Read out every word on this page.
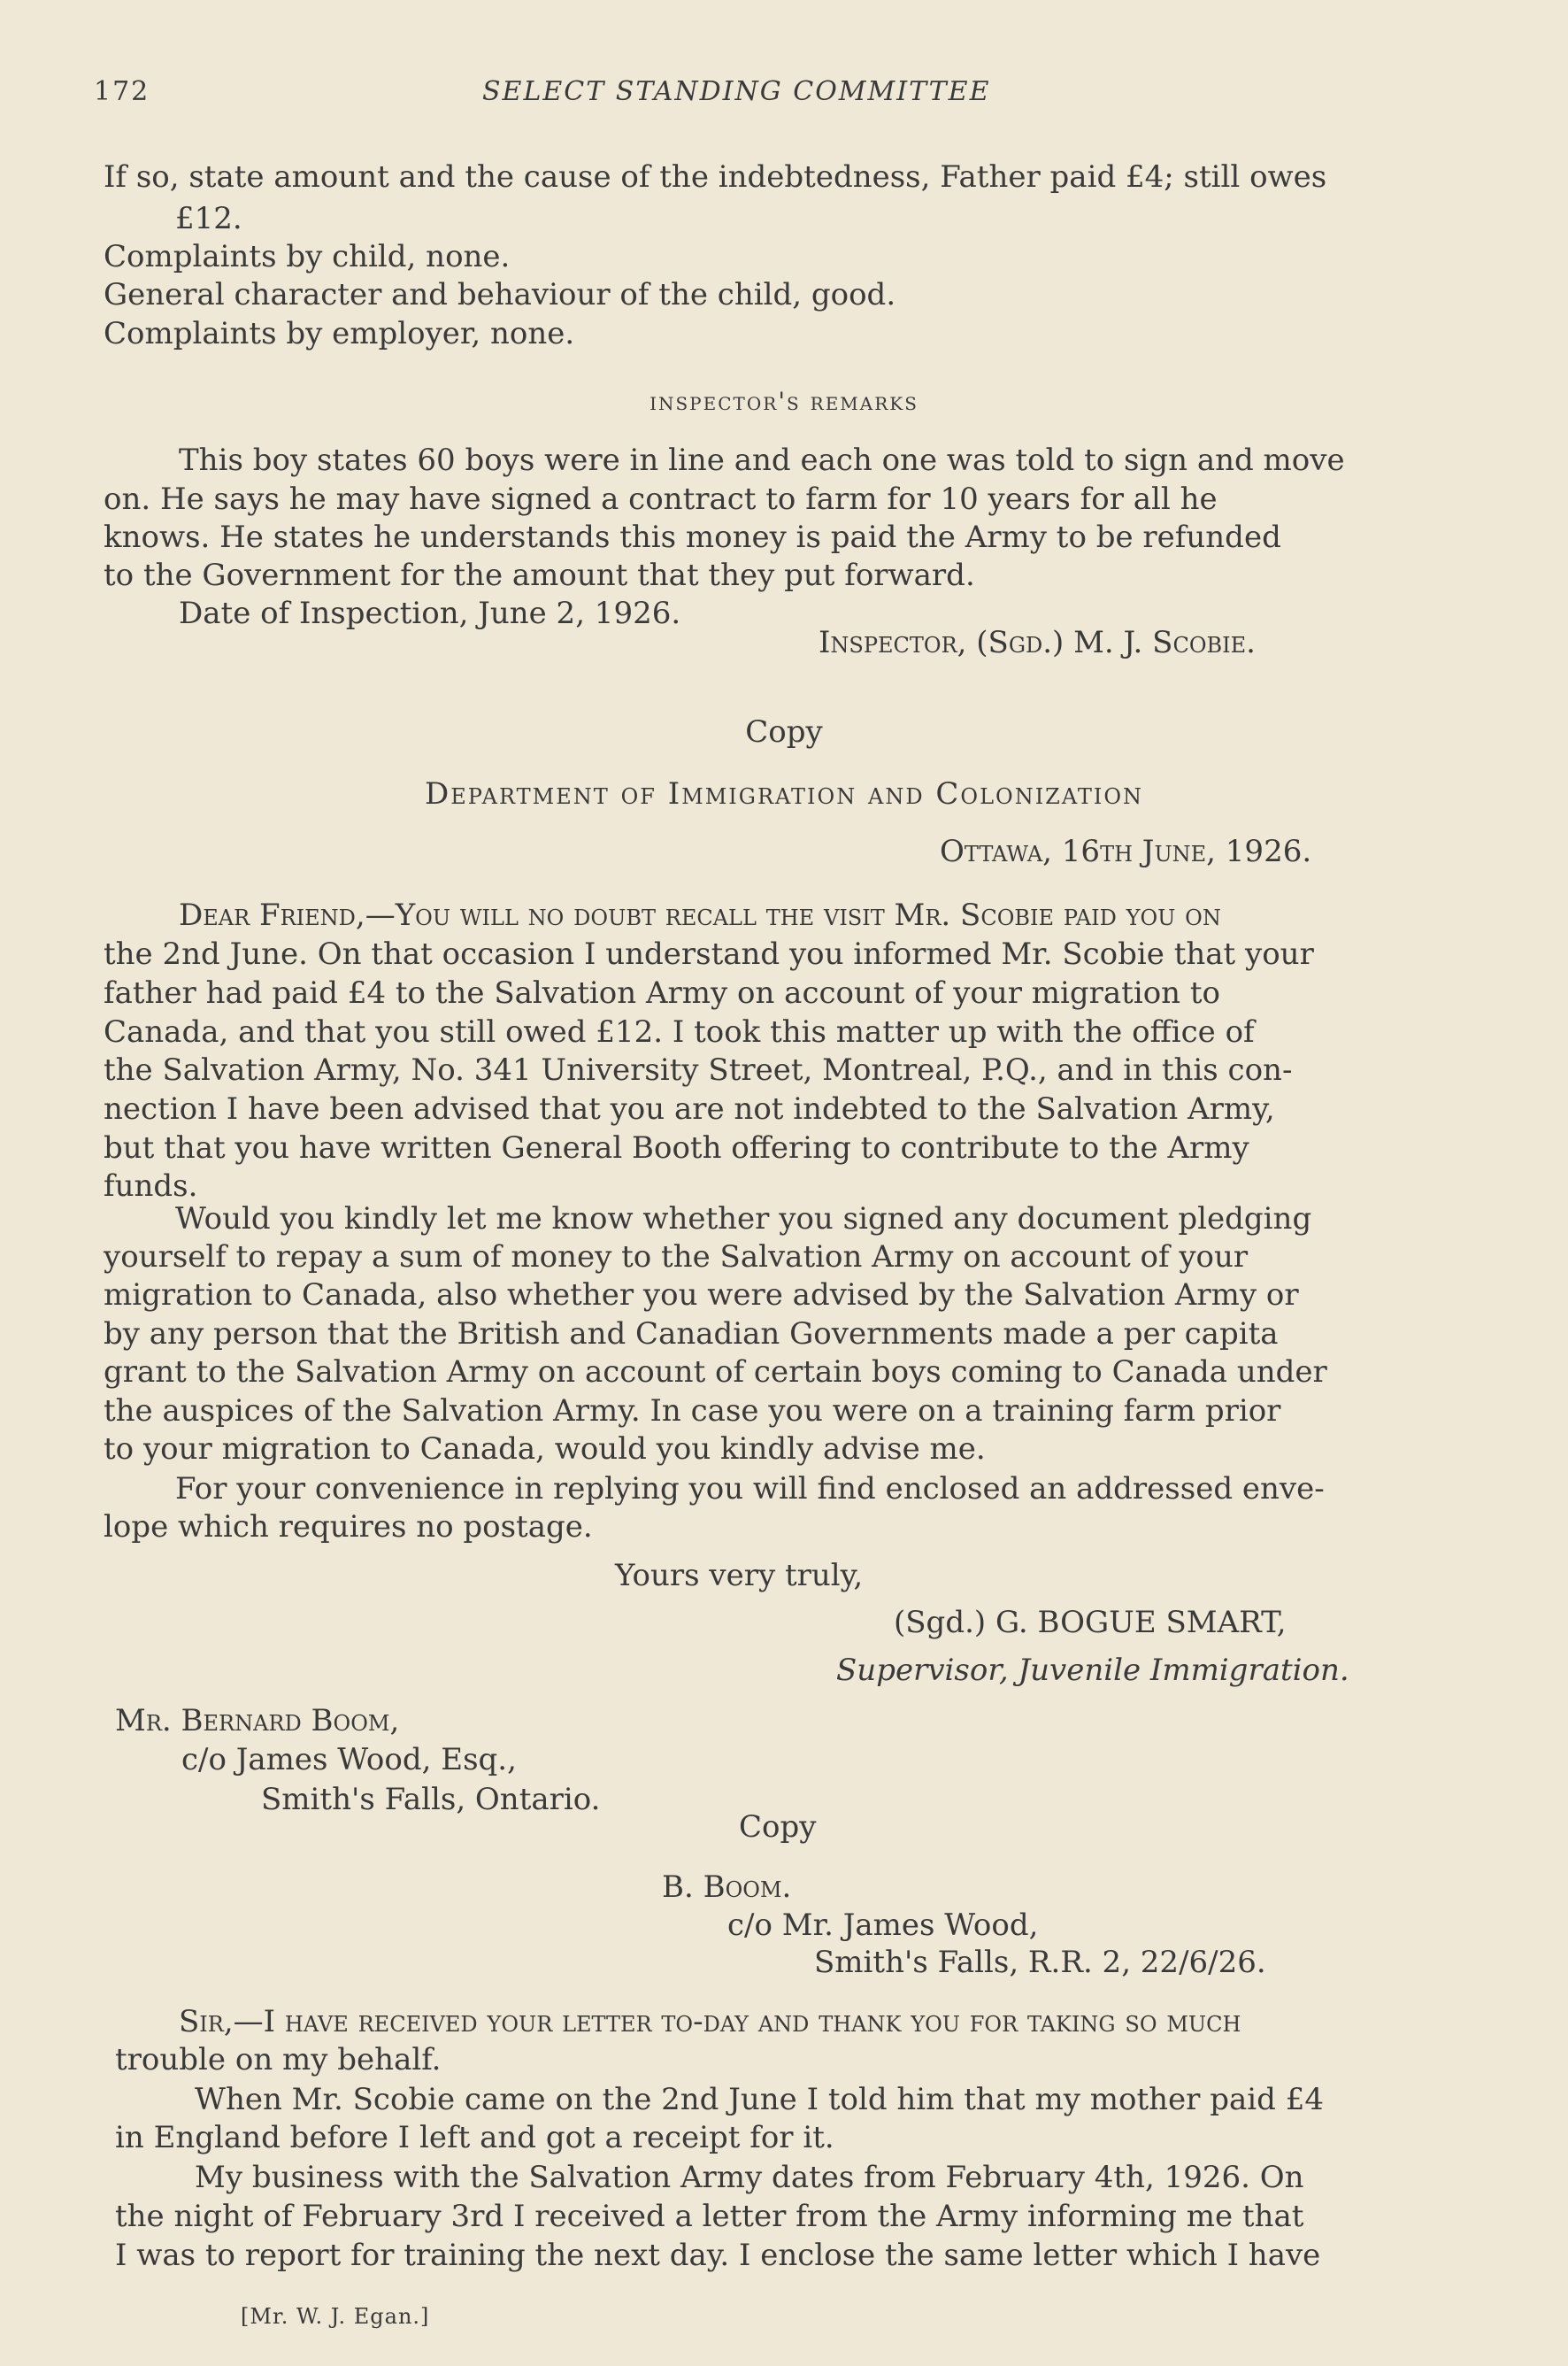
172	SELECT STANDING COMMITTEE
If so, state amount and the cause of the indebtedness, Father paid £4; still owes
£12.
Complaints by child, none.
General character and behaviour of the child, good.
Complaints by employer, none.
inspector's remarks
This boy states 60 boys were in line and each one was told to sign and move
on. He says he may have signed a contract to farm for 10 years for all he
knows. He states he understands this money is paid the Army to be refunded
to the Government for the amount that they put forward.
Date of Inspection, June 2, 1926.
Inspector, (Sgd.) M. J. Scobie.
Copy
Department of Immigration and Colonization
Ottawa, 16th June, 1926.
Dear Friend,—You will no doubt recall the visit Mr. Scobie paid you on
the 2nd June. On that occasion I understand you informed Mr. Scobie that your
father had paid £4 to the Salvation Army on account of your migration to
Canada, and that you still owed £12. I took this matter up with the office of
the Salvation Army, No. 341 University Street, Montreal, P.Q., and in this con-
nection I have been advised that you are not indebted to the Salvation Army,
but that you have written General Booth offering to contribute to the Army
funds.
Would you kindly let me know whether you signed any document pledging
yourself to repay a sum of money to the Salvation Army on account of your
migration to Canada, also whether you were advised by the Salvation Army or
by any person that the British and Canadian Governments made a per capita
grant to the Salvation Army on account of certain boys coming to Canada under
the auspices of the Salvation Army. In case you were on a training farm prior
to your migration to Canada, would you kindly advise me.
For your convenience in replying you will find enclosed an addressed enve-
lope which requires no postage.
Yours very truly,
(Sgd.) G. BOGUE SMART,
Supervisor, Juvenile Immigration.
Mr. Bernard Boom,
c/o James Wood, Esq.,
Smith's Falls, Ontario.
Copy
B. Boom.
c/o Mr. James Wood,
Smith's Falls, R.R. 2, 22/6/26.
Sir,—I have received your letter to-day and thank you for taking so much
trouble on my behalf.
When Mr. Scobie came on the 2nd June I told him that my mother paid £4
in England before I left and got a receipt for it.
My business with the Salvation Army dates from February 4th, 1926. On
the night of February 3rd I received a letter from the Army informing me that
I was to report for training the next day. I enclose the same letter which I have
[Mr. W. J. Egan.]
